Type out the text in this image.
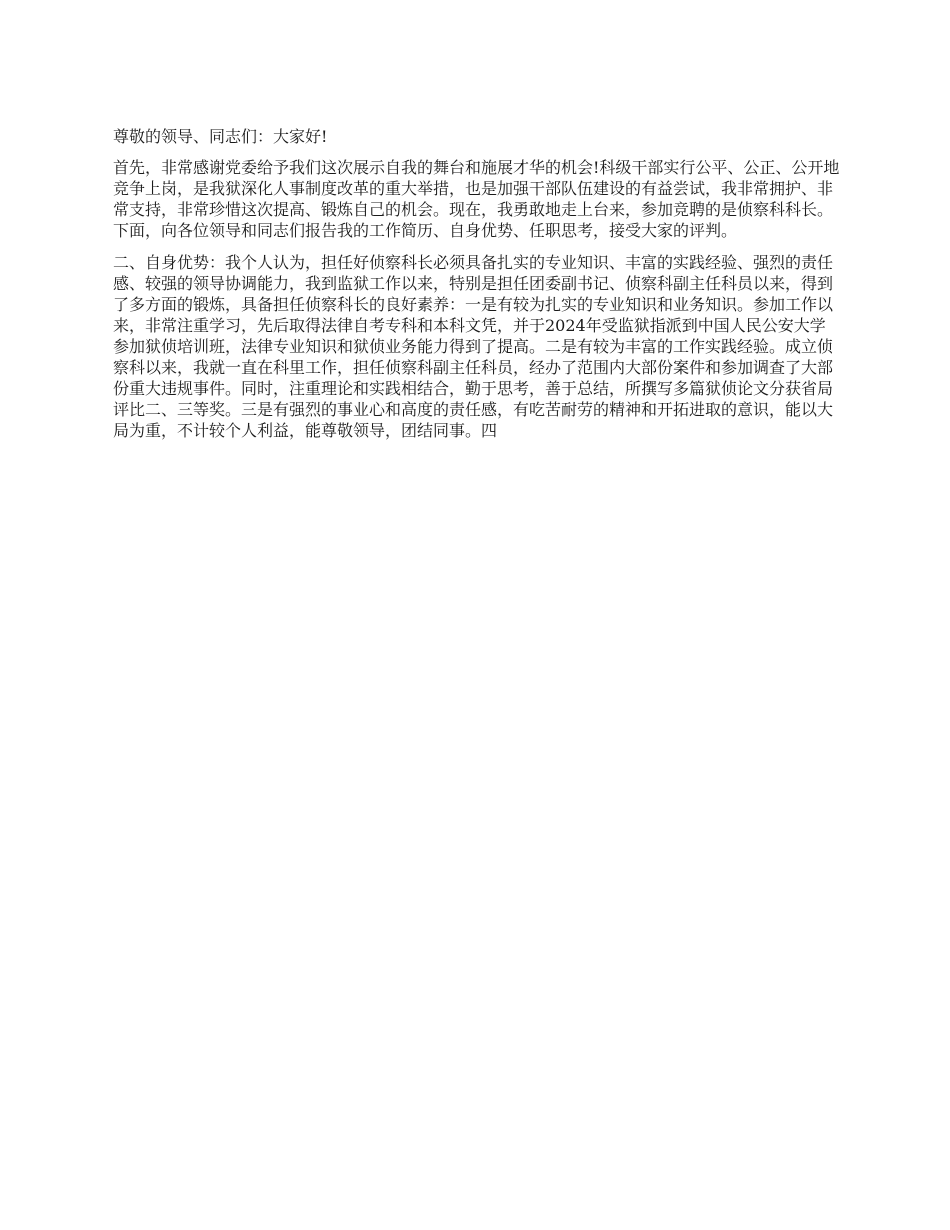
尊敬的领导、同志们：大家好!

首先，非常感谢党委给予我们这次展示自我的舞台和施展才华的机会!科级干部实行公平、公正、公开地竞争上岗，是我狱深化人事制度改革的重大举措，也是加强干部队伍建设的有益尝试，我非常拥护、非常支持，非常珍惜这次提高、锻炼自己的机会。现在，我勇敢地走上台来，参加竞聘的是侦察科科长。下面，向各位领导和同志们报告我的工作简历、自身优势、任职思考，接受大家的评判。

二、自身优势：我个人认为，担任好侦察科长必须具备扎实的专业知识、丰富的实践经验、强烈的责任感、较强的领导协调能力，我到监狱工作以来，特别是担任团委副书记、侦察科副主任科员以来，得到了多方面的锻炼，具备担任侦察科长的良好素养：一是有较为扎实的专业知识和业务知识。参加工作以来，非常注重学习，先后取得法律自考专科和本科文凭，并于2024年受监狱指派到中国人民公安大学参加狱侦培训班，法律专业知识和狱侦业务能力得到了提高。二是有较为丰富的工作实践经验。成立侦察科以来，我就一直在科里工作，担任侦察科副主任科员，经办了范围内大部份案件和参加调查了大部份重大违规事件。同时，注重理论和实践相结合，勤于思考，善于总结，所撰写多篇狱侦论文分获省局评比二、三等奖。三是有强烈的事业心和高度的责任感，有吃苦耐劳的精神和开拓进取的意识，能以大局为重，不计较个人利益，能尊敬领导，团结同事。四
